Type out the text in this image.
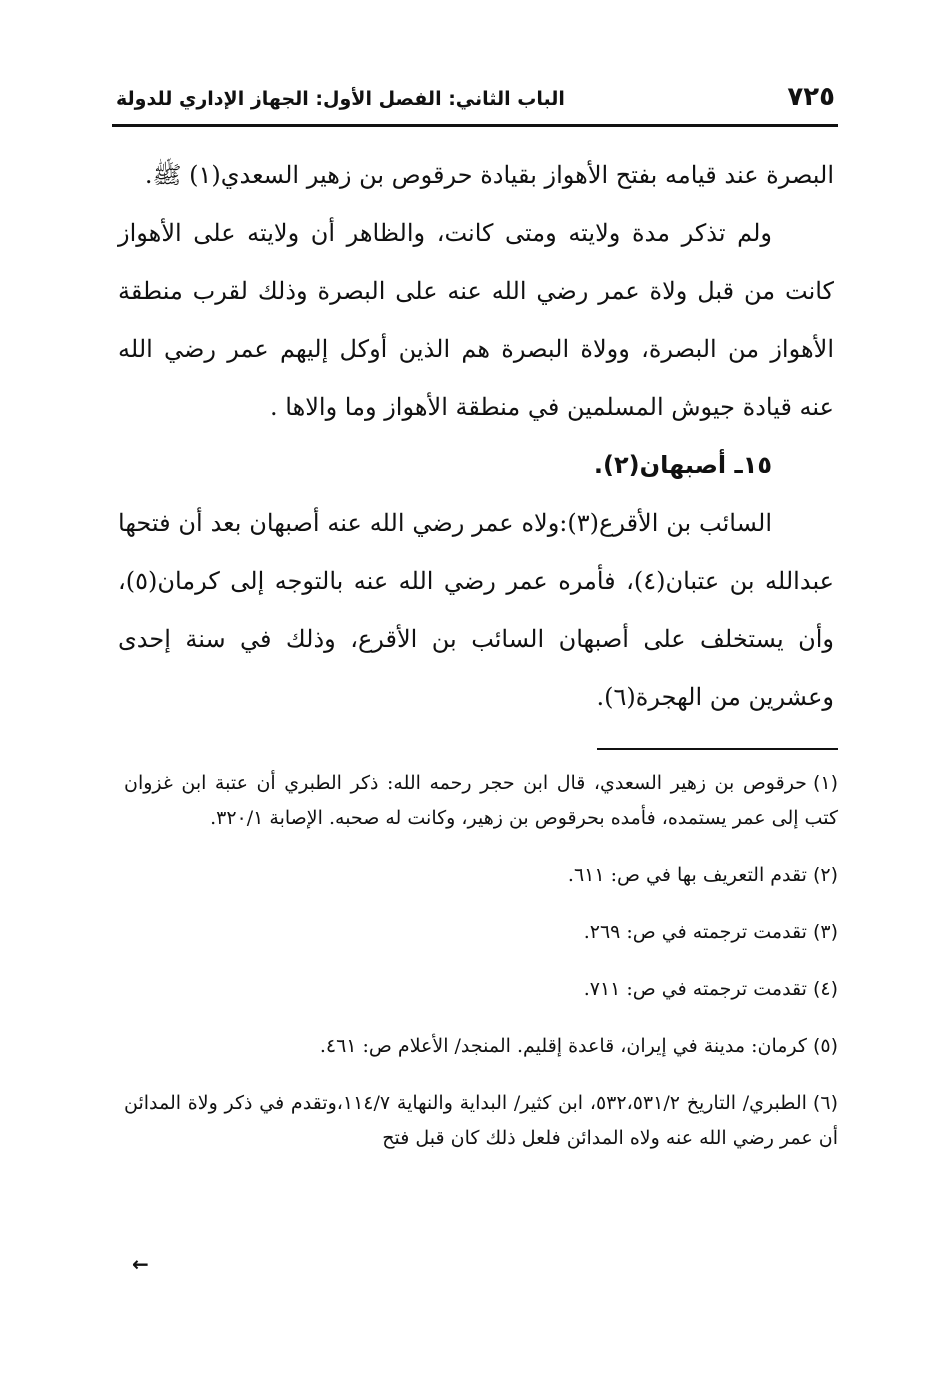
٧٢٥
الباب الثاني: الفصل الأول: الجهاز الإداري للدولة

البصرة عند قيامه بفتح الأهواز بقيادة حرقوص بن زهير السعدي(١) ﷺ.

ولم تذكر مدة ولايته ومتى كانت، والظاهر أن ولايته على الأهواز كانت من قبل ولاة عمر رضي الله عنه على البصرة وذلك لقرب منطقة الأهواز من البصرة، وولاة البصرة هم الذين أوكل إليهم عمر رضي الله عنه قيادة جيوش المسلمين في منطقة الأهواز وما والاها .

١٥ـ أصبهان(٢).

السائب بن الأقرع(٣):ولاه عمر رضي الله عنه أصبهان بعد أن فتحها عبدالله بن عتبان(٤)، فأمره عمر رضي الله عنه بالتوجه إلى كرمان(٥)، وأن يستخلف على أصبهان السائب بن الأقرع، وذلك في سنة إحدى وعشرين من الهجرة(٦).

(١)حرقوص بن زهير السعدي، قال ابن حجر رحمه الله: ذكر الطبري أن عتبة ابن غزوان كتب إلى عمر يستمده، فأمده بحرقوص بن زهير، وكانت له صحبه. الإصابة ٣٢٠/١.

(٢)تقدم التعريف بها في ص: ٦١١.

(٣)تقدمت ترجمته في ص: ٢٦٩.

(٤)تقدمت ترجمته في ص: ٧١١.

(٥)كرمان: مدينة في إيران، قاعدة إقليم. المنجد/ الأعلام ص: ٤٦١.

(٦)الطبري/ التاريخ ٥٣٢،٥٣١/٢، ابن كثير/ البداية والنهاية ١١٤/٧،وتقدم في ذكر ولاة المدائن أن عمر رضي الله عنه ولاه المدائن فلعل ذلك كان قبل فتح

←
